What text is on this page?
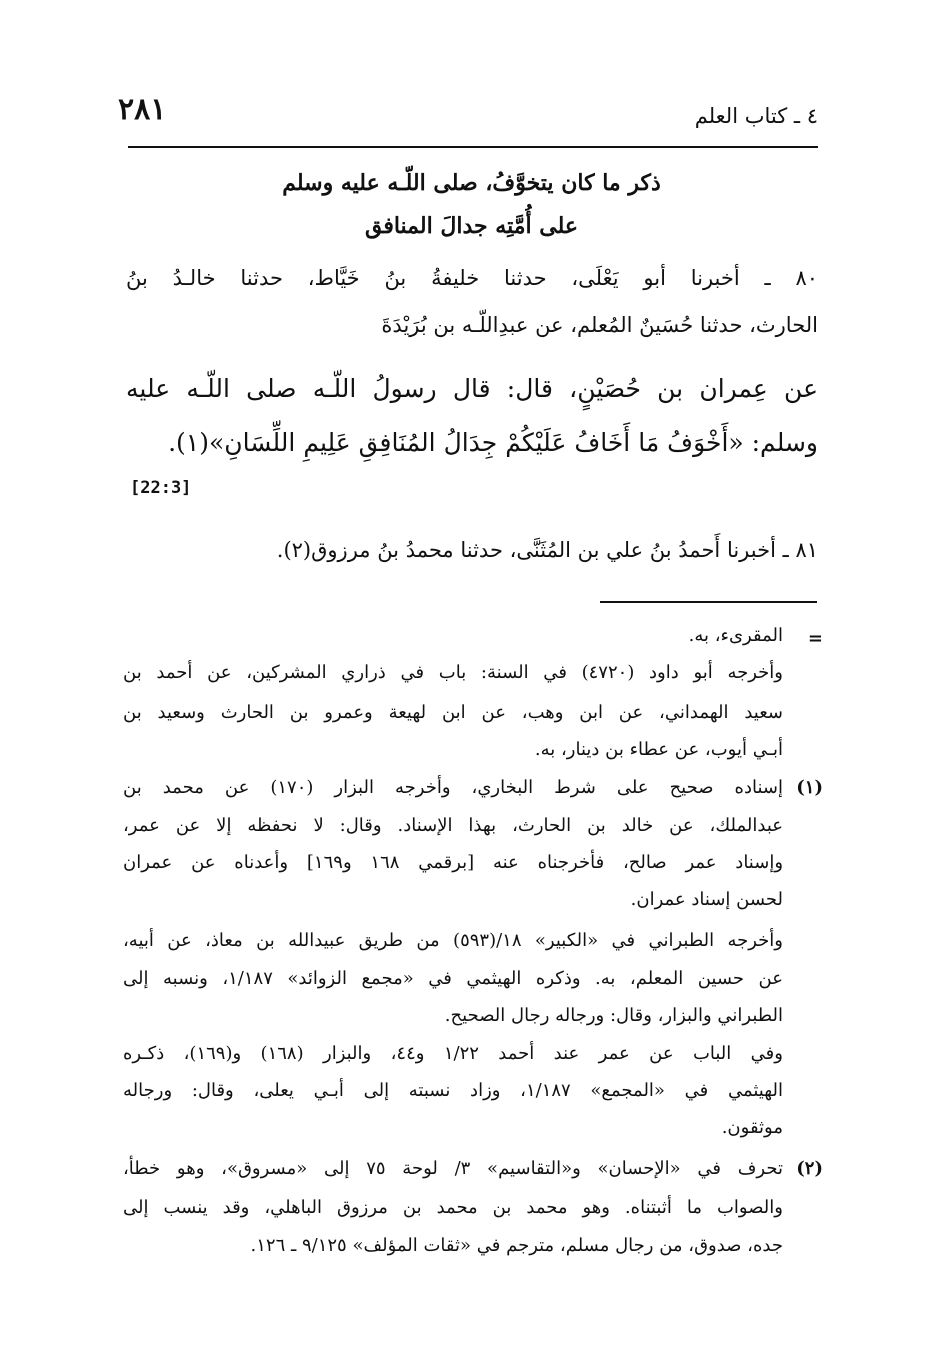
٢٨١	٤ ـ كتاب العلم
ذكر ما كان يتخوَّفُ، صلى اللّـه عليه وسلم
على أُمَّتِه جدالَ المنافق
٨٠ ـ أخبرنا أبو يَعْلَى، حدثنا خليفةُ بنُ خَيَّاط، حدثنا خالـدُ بنُ
الحارث، حدثنا حُسَينٌ المُعلم، عن عبدِاللّـه بن بُرَيْدَةَ
عن عِمران بن حُصَيْنٍ، قال: قال رسولُ اللّـه صلى اللّـه عليه
وسلم: «أَخْوَفُ مَا أَخَافُ عَلَيْكُمْ جِدَالُ المُنَافِقِ عَلِيمِ اللِّسَانِ»(١).
[22:3]
٨١ ـ أخبرنا أَحمدُ بنُ علي بن المُثَنَّى، حدثنا محمدُ بنُ مرزوق(٢).
=
المقرىء، به.
وأخرجه أبو داود (٤٧٢٠) في السنة: باب في ذراري المشركين، عن أحمد بن
سعيد الهمداني، عن ابن وهب، عن ابن لهيعة وعمرو بن الحارث وسعيد بن
أبـي أيوب، عن عطاء بن دينار، به.
(١)
إسناده صحيح على شرط البخاري، وأخرجه البزار (١٧٠) عن محمد بن
عبدالملك، عن خالد بن الحارث، بهذا الإسناد. وقال: لا نحفظه إلا عن عمر،
وإسناد عمر صالح، فأخرجناه عنه [برقمي ١٦٨ و١٦٩] وأعدناه عن عمران
لحسن إسناد عمران.
وأخرجه الطبراني في «الكبير» ١٨/(٥٩٣) من طريق عبيدالله بن معاذ، عن أبيه،
عن حسين المعلم، به. وذكره الهيثمي في «مجمع الزوائد» ١/١٨٧، ونسبه إلى
الطبراني والبزار، وقال: ورجاله رجال الصحيح.
وفي الباب عن عمر عند أحمد ١/٢٢ و٤٤، والبزار (١٦٨) و(١٦٩)، ذكـره
الهيثمي في «المجمع» ١/١٨٧، وزاد نسبته إلى أبـي يعلى، وقال: ورجاله
موثقون.
(٢)
تحرف في «الإحسان» و«التقاسيم» ٣/ لوحة ٧٥ إلى «مسروق»، وهو خطأ،
والصواب ما أثبتناه. وهو محمد بن محمد بن مرزوق الباهلي، وقد ينسب إلى
جده، صدوق، من رجال مسلم، مترجم في «ثقات المؤلف» ٩/١٢٥ ـ ١٢٦.
